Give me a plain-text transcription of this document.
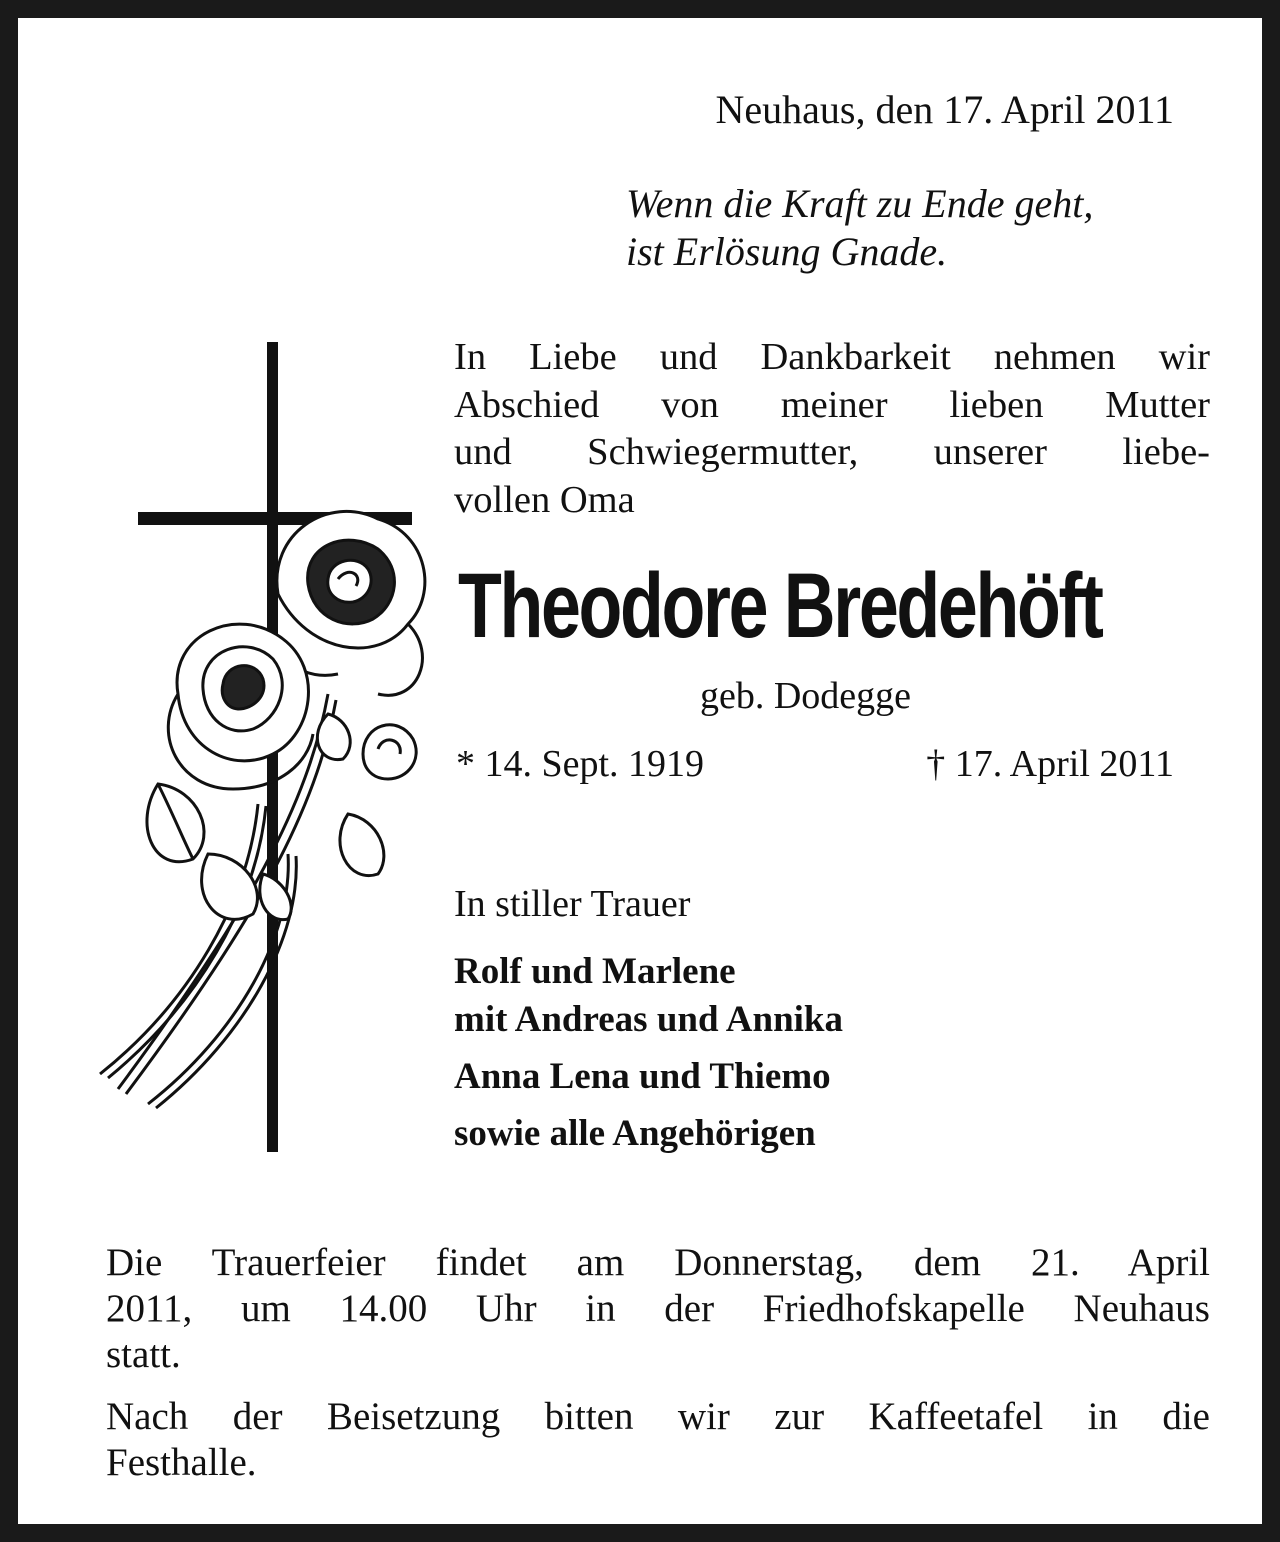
Neuhaus, den 17. April 2011

Wenn die Kraft zu Ende geht,
ist Erlösung Gnade.

In Liebe und Dankbarkeit nehmen wir
Abschied von meiner lieben Mutter
und Schwiegermutter, unserer liebe-
vollen Oma

Theodore Bredehöft

geb. Dodegge

* 14. Sept. 1919	† 17. April 2011

In stiller Trauer

Rolf und Marlene
mit Andreas und Annika
Anna Lena und Thiemo
sowie alle Angehörigen

Die Trauerfeier findet am Donnerstag, dem 21. April
2011, um 14.00 Uhr in der Friedhofskapelle Neuhaus
statt.

Nach der Beisetzung bitten wir zur Kaffeetafel in die
Festhalle.
